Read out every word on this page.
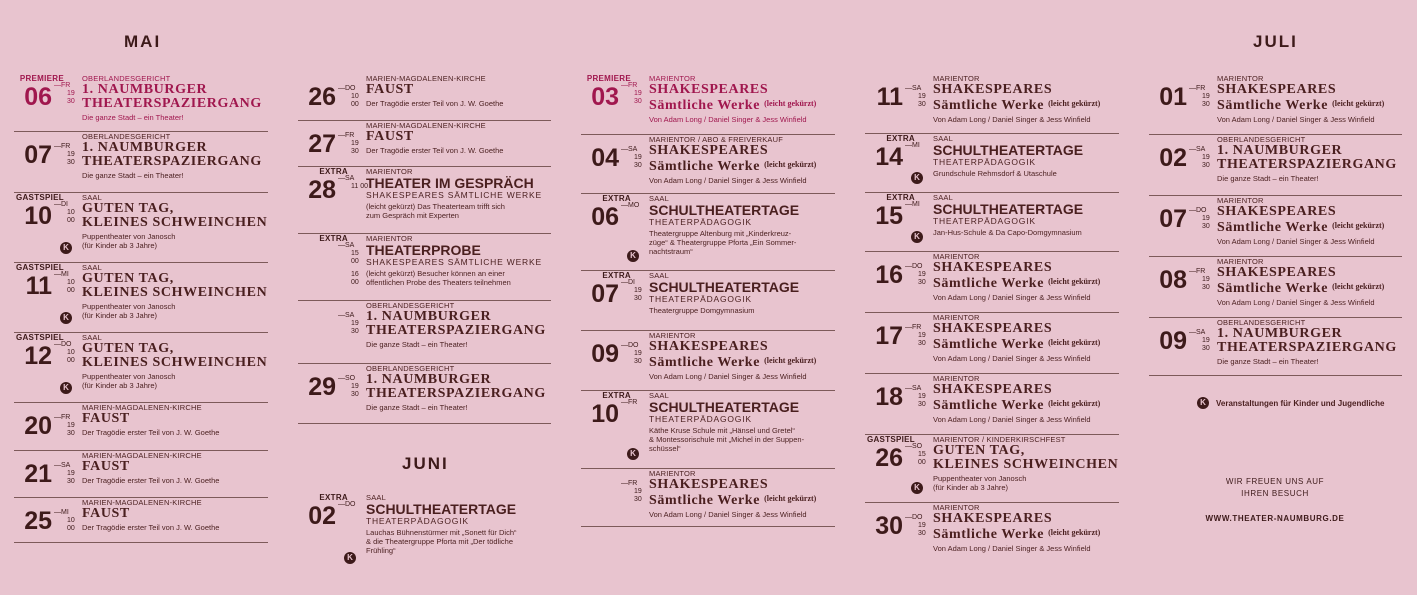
MAI
JUNI
JULI
06
PREMIERE
—FR
19 30
OBERLANDESGERICHT
1. NAUMBURGER
THEATERSPAZIERGANG
Die ganze Stadt – ein Theater!
07 —FR
19 30
OBERLANDESGERICHT
1. NAUMBURGER
THEATERSPAZIERGANG
Die ganze Stadt – ein Theater!
10
GASTSPIEL
—DI
10 00
SAAL
GUTEN TAG,
KLEINES SCHWEINCHEN
Puppentheater von Janosch
(für Kinder ab 3 Jahre)
K
11
GASTSPIEL
—MI
10 00
SAAL
GUTEN TAG,
KLEINES SCHWEINCHEN
Puppentheater von Janosch
(für Kinder ab 3 Jahre)
K
12
GASTSPIEL
—DO
10 00
SAAL
GUTEN TAG,
KLEINES SCHWEINCHEN
Puppentheater von Janosch
(für Kinder ab 3 Jahre)
K
20 —FR
19 30
MARIEN-MAGDALENEN-KIRCHE
FAUST
Der Tragödie erster Teil von J. W. Goethe
21 —SA
19 30
MARIEN-MAGDALENEN-KIRCHE
FAUST
Der Tragödie erster Teil von J. W. Goethe
25 —MI
10 00
MARIEN-MAGDALENEN-KIRCHE
FAUST
Der Tragödie erster Teil von J. W. Goethe
26 —DO
10 00
MARIEN-MAGDALENEN-KIRCHE
FAUST
Der Tragödie erster Teil von J. W. Goethe
27 —FR
19 30
MARIEN-MAGDALENEN-KIRCHE
FAUST
Der Tragödie erster Teil von J. W. Goethe
28
EXTRA
—SA
11 00
MARIENTOR
THEATER IM GESPRÄCH
SHAKESPEARES SÄMTLICHE WERKE
(leicht gekürzt) Das Theaterteam trifft sich
zum Gespräch mit Experten
EXTRA
—SA
15 00
16 00
MARIENTOR
THEATERPROBE
SHAKESPEARES SÄMTLICHE WERKE
(leicht gekürzt) Besucher können an einer
öffentlichen Probe des Theaters teilnehmen
—SA
19 30
OBERLANDESGERICHT
1. NAUMBURGER
THEATERSPAZIERGANG
Die ganze Stadt – ein Theater!
29 —SO
19 30
OBERLANDESGERICHT
1. NAUMBURGER
THEATERSPAZIERGANG
Die ganze Stadt – ein Theater!
02
EXTRA
—DO
SAAL
SCHULTHEATERTAGE
THEATERPÄDAGOGIK
Lauchas Bühnenstürmer mit „Sonett für Dich“
& die Theatergruppe Pforta mit „Der tödliche
Frühling“
K
03
PREMIERE
—FR
19 30
MARIENTOR
SHAKESPEARES
Sämtliche Werke $^{(leicht gekürzt)}$
Von Adam Long / Daniel Singer & Jess Winfield
04 —SA
19 30
MARIENTOR / ABO & FREIVERKAUF
SHAKESPEARES
Sämtliche Werke $^{(leicht gekürzt)}$
Von Adam Long / Daniel Singer & Jess Winfield
06
EXTRA
—MO
SAAL
SCHULTHEATERTAGE
THEATERPÄDAGOGIK
Theatergruppe Altenburg mit „Kinderkreuz-
züge“ & Theatergruppe Pforta „Ein Sommer-
nachtstraum“
K
07
EXTRA
—DI
19 30
SAAL
SCHULTHEATERTAGE
THEATERPÄDAGOGIK
Theatergruppe Domgymnasium
09 —DO
19 30
MARIENTOR
SHAKESPEARES
Sämtliche Werke $^{(leicht gekürzt)}$
Von Adam Long / Daniel Singer & Jess Winfield
10
EXTRA
—FR
SAAL
SCHULTHEATERTAGE
THEATERPÄDAGOGIK
Käthe Kruse Schule mit „Hänsel und Gretel“
& Montessorischule mit „Michel in der Suppen-
schüssel“
K
—FR
19 30
MARIENTOR
SHAKESPEARES
Sämtliche Werke $^{(leicht gekürzt)}$
Von Adam Long / Daniel Singer & Jess Winfield
11 —SA
19 30
MARIENTOR
SHAKESPEARES
Sämtliche Werke $^{(leicht gekürzt)}$
Von Adam Long / Daniel Singer & Jess Winfield
14
EXTRA
—MI
SAAL
SCHULTHEATERTAGE
THEATERPÄDAGOGIK
Grundschule Rehmsdorf & Utaschule
K
15
EXTRA
—MI
SAAL
SCHULTHEATERTAGE
THEATERPÄDAGOGIK
Jan-Hus-Schule & Da Capo-Domgymnasium
K
16 —DO
19 30
MARIENTOR
SHAKESPEARES
Sämtliche Werke $^{(leicht gekürzt)}$
Von Adam Long / Daniel Singer & Jess Winfield
17 —FR
19 30
MARIENTOR
SHAKESPEARES
Sämtliche Werke $^{(leicht gekürzt)}$
Von Adam Long / Daniel Singer & Jess Winfield
18 —SA
19 30
MARIENTOR
SHAKESPEARES
Sämtliche Werke $^{(leicht gekürzt)}$
Von Adam Long / Daniel Singer & Jess Winfield
26
GASTSPIEL
—SO
15 00
MARIENTOR / KINDERKIRSCHFEST
GUTEN TAG,
KLEINES SCHWEINCHEN
Puppentheater von Janosch
(für Kinder ab 3 Jahre)
K
30 —DO
19 30
MARIENTOR
SHAKESPEARES
Sämtliche Werke $^{(leicht gekürzt)}$
Von Adam Long / Daniel Singer & Jess Winfield
01 —FR
19 30
MARIENTOR
SHAKESPEARES
Sämtliche Werke $^{(leicht gekürzt)}$
Von Adam Long / Daniel Singer & Jess Winfield
02 —SA
19 30
OBERLANDESGERICHT
1. NAUMBURGER
THEATERSPAZIERGANG
Die ganze Stadt – ein Theater!
07 —DO
19 30
MARIENTOR
SHAKESPEARES
Sämtliche Werke $^{(leicht gekürzt)}$
Von Adam Long / Daniel Singer & Jess Winfield
08 —FR
19 30
MARIENTOR
SHAKESPEARES
Sämtliche Werke $^{(leicht gekürzt)}$
Von Adam Long / Daniel Singer & Jess Winfield
09 —SA
19 30
OBERLANDESGERICHT
1. NAUMBURGER
THEATERSPAZIERGANG
Die ganze Stadt – ein Theater!
K	Veranstaltungen für Kinder und Jugendliche
WIR FREUEN UNS AUF
IHREN BESUCH
WWW.THEATER-NAUMBURG.DE
